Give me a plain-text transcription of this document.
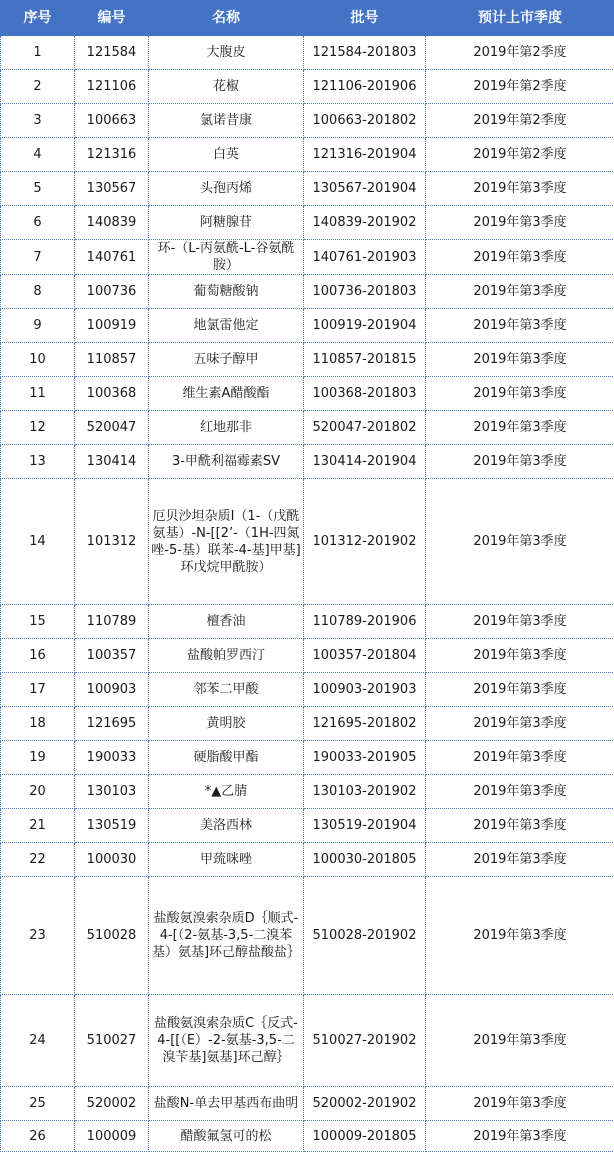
序号	编号	名称	批号	预计上市季度
1	121584	大腹皮	121584-201803	2019年第2季度
2	121106	花椒	121106-201906	2019年第2季度
3	100663	氯诺昔康	100663-201802	2019年第2季度
4	121316	白英	121316-201904	2019年第2季度
5	130567	头孢丙烯	130567-201904	2019年第3季度
6	140839	阿糖腺苷	140839-201902	2019年第3季度
7	140761	环-（L-丙氨酰-L-谷氨酰胺）	140761-201903	2019年第3季度
8	100736	葡萄糖酸钠	100736-201803	2019年第3季度
9	100919	地氯雷他定	100919-201904	2019年第3季度
10	110857	五味子醇甲	110857-201815	2019年第3季度
11	100368	维生素A醋酸酯	100368-201803	2019年第3季度
12	520047	红地那非	520047-201802	2019年第3季度
13	130414	3-甲酰利福霉素SV	130414-201904	2019年第3季度
14	101312	厄贝沙坦杂质I（1-（戊酰氨基）-N-[[2’-（1H-四氮唑-5-基）联苯-4-基]甲基]环戊烷甲酰胺）	101312-201902	2019年第3季度
15	110789	檀香油	110789-201906	2019年第3季度
16	100357	盐酸帕罗西汀	100357-201804	2019年第3季度
17	100903	邻苯二甲酸	100903-201903	2019年第3季度
18	121695	黄明胶	121695-201802	2019年第3季度
19	190033	硬脂酸甲酯	190033-201905	2019年第3季度
20	130103	*▲乙腈	130103-201902	2019年第3季度
21	130519	美洛西林	130519-201904	2019年第3季度
22	100030	甲巯咪唑	100030-201805	2019年第3季度
23	510028	盐酸氨溴索杂质D｛顺式-4-[（2-氨基-3,5-二溴苯基）氨基]环己醇盐酸盐｝	510028-201902	2019年第3季度
24	510027	盐酸氨溴索杂质C｛反式-4-[[（E）-2-氨基-3,5-二溴苄基]氨基]环己醇｝	510027-201902	2019年第3季度
25	520002	盐酸N-单去甲基西布曲明	520002-201902	2019年第3季度
26	100009	醋酸氟氢可的松	100009-201805	2019年第3季度
